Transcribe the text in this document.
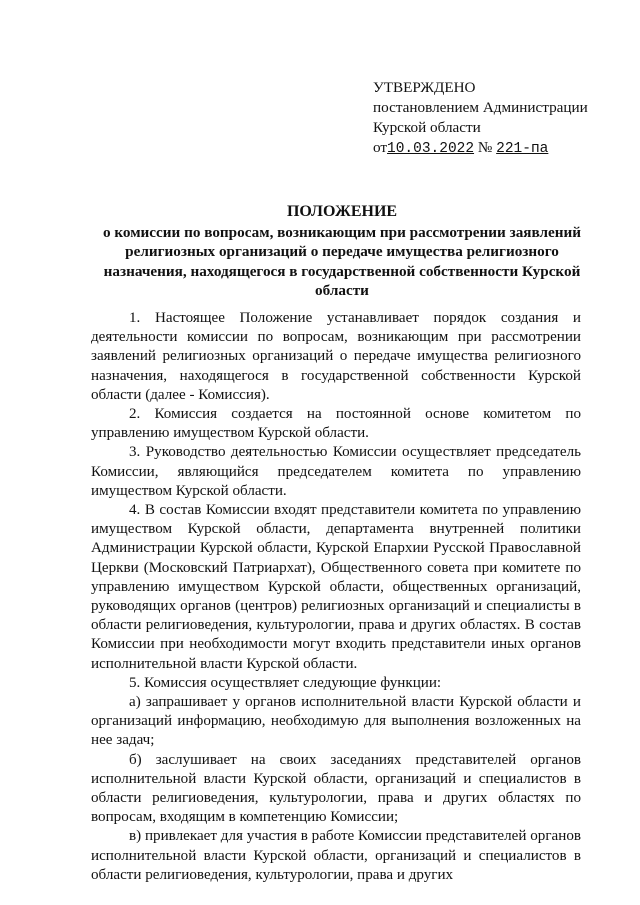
УТВЕРЖДЕНО
постановлением Администрации
Курской области
от10.03.2022 № 221-па
ПОЛОЖЕНИЕ
о комиссии по вопросам, возникающим при рассмотрении заявлений религиозных организаций о передаче имущества религиозного назначения, находящегося в государственной собственности Курской области

1. Настоящее Положение устанавливает порядок создания и деятельности комиссии по вопросам, возникающим при рассмотрении заявлений религиозных организаций о передаче имущества религиозного назначения, находящегося в государственной собственности Курской области (далее - Комиссия).

2. Комиссия создается на постоянной основе комитетом по управлению имуществом Курской области.

3. Руководство деятельностью Комиссии осуществляет председатель Комиссии, являющийся председателем комитета по управлению имуществом Курской области.

4. В состав Комиссии входят представители комитета по управлению имуществом Курской области, департамента внутренней политики Администрации Курской области, Курской Епархии Русской Православной Церкви (Московский Патриархат), Общественного совета при комитете по управлению имуществом Курской области, общественных организаций, руководящих органов (центров) религиозных организаций и специалисты в области религиоведения, культурологии, права и других областях. В состав Комиссии при необходимости могут входить представители иных органов исполнительной власти Курской области.

5. Комиссия осуществляет следующие функции:

а) запрашивает у органов исполнительной власти Курской области и организаций информацию, необходимую для выполнения возложенных на нее задач;

б) заслушивает на своих заседаниях представителей органов исполнительной власти Курской области, организаций и специалистов в области религиоведения, культурологии, права и других областях по вопросам, входящим в компетенцию Комиссии;

в) привлекает для участия в работе Комиссии представителей органов исполнительной власти Курской области, организаций и специалистов в области религиоведения, культурологии, права и других
